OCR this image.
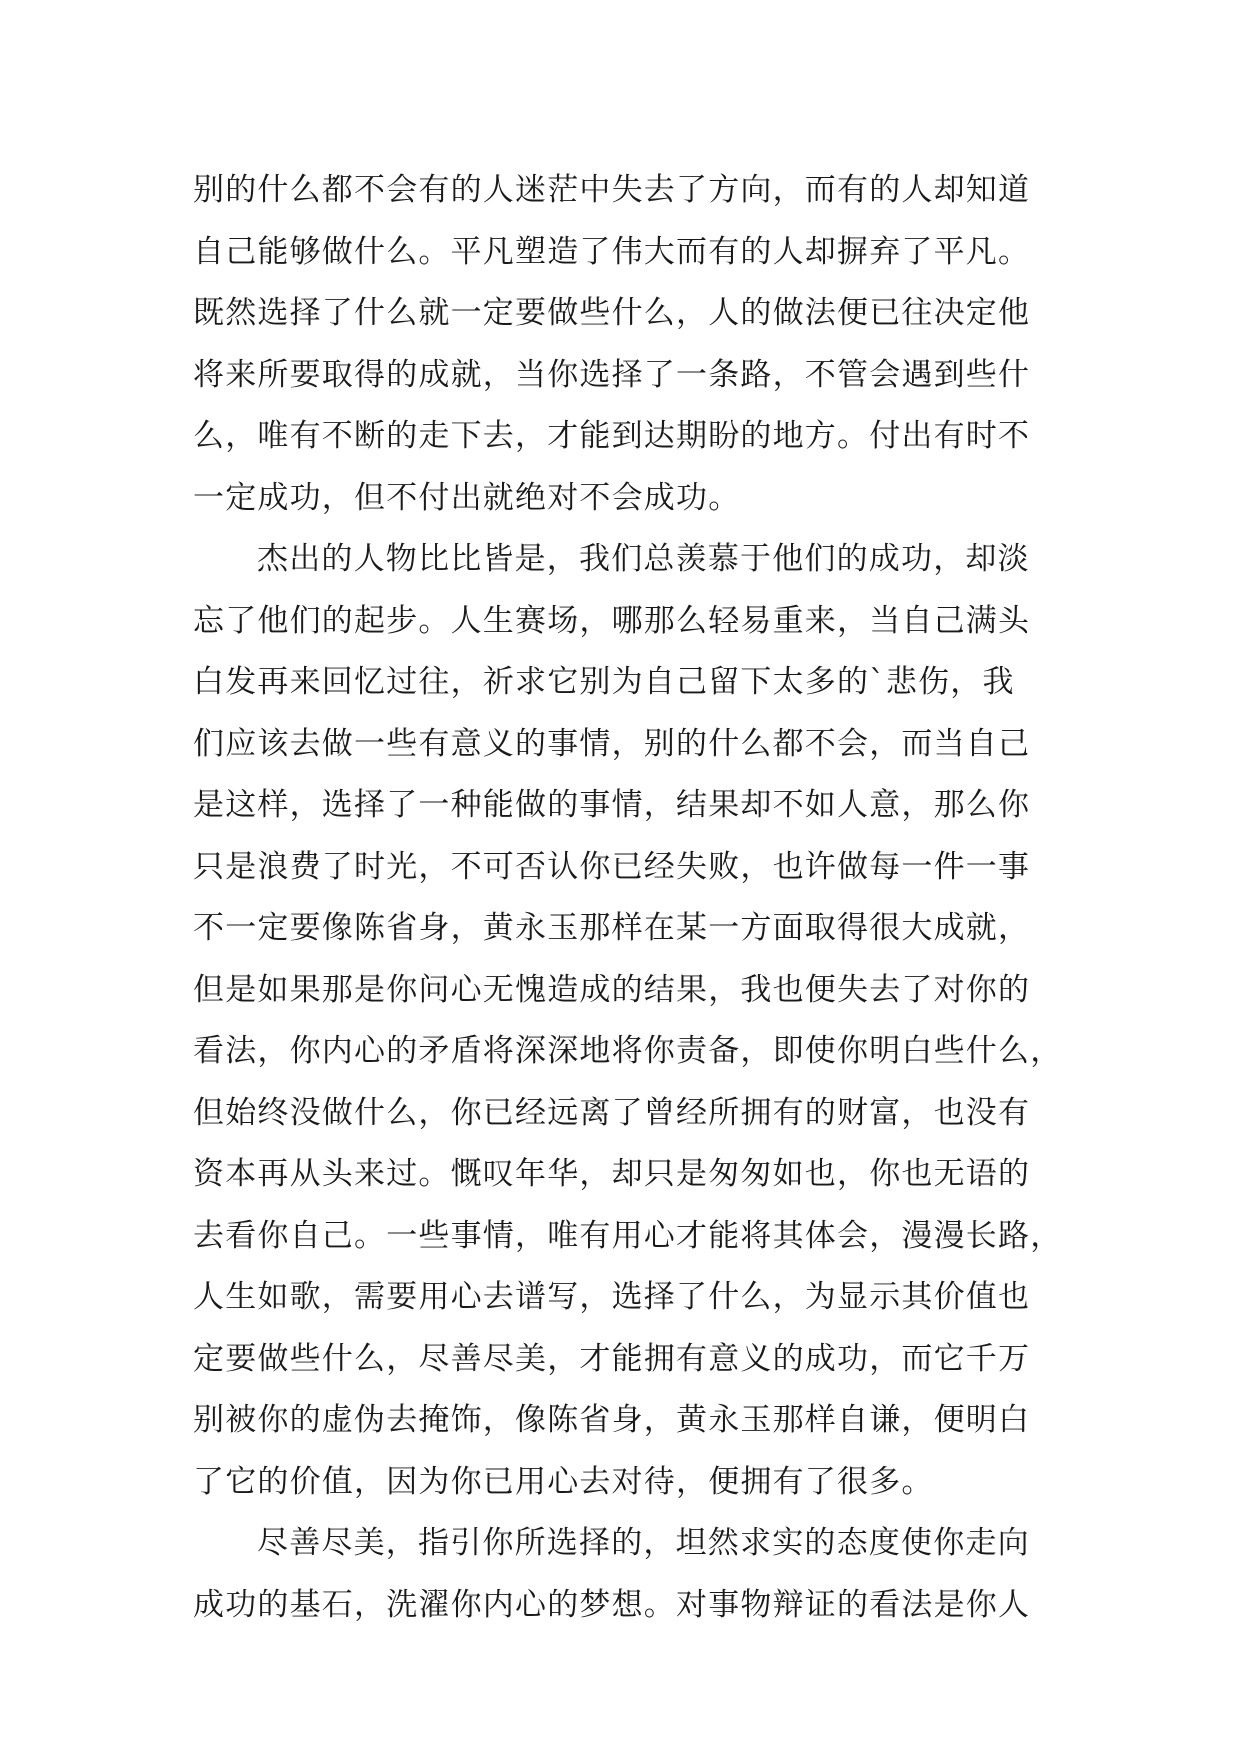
别的什么都不会有的人迷茫中失去了方向，而有的人却知道
自己能够做什么。平凡塑造了伟大而有的人却摒弃了平凡。
既然选择了什么就一定要做些什么，人的做法便已往决定他
将来所要取得的成就，当你选择了一条路，不管会遇到些什
么，唯有不断的走下去，才能到达期盼的地方。付出有时不
一定成功，但不付出就绝对不会成功。
杰出的人物比比皆是，我们总羡慕于他们的成功，却淡
忘了他们的起步。人生赛场，哪那么轻易重来，当自己满头
白发再来回忆过往，祈求它别为自己留下太多的`悲伤，我
们应该去做一些有意义的事情，别的什么都不会，而当自己
是这样，选择了一种能做的事情，结果却不如人意，那么你
只是浪费了时光，不可否认你已经失败，也许做每一件一事
不一定要像陈省身，黄永玉那样在某一方面取得很大成就，
但是如果那是你问心无愧造成的结果，我也便失去了对你的
看法，你内心的矛盾将深深地将你责备，即使你明白些什么，
但始终没做什么，你已经远离了曾经所拥有的财富，也没有
资本再从头来过。慨叹年华，却只是匆匆如也，你也无语的
去看你自己。一些事情，唯有用心才能将其体会，漫漫长路，
人生如歌，需要用心去谱写，选择了什么，为显示其价值也
定要做些什么，尽善尽美，才能拥有意义的成功，而它千万
别被你的虚伪去掩饰，像陈省身，黄永玉那样自谦，便明白
了它的价值，因为你已用心去对待，便拥有了很多。
尽善尽美，指引你所选择的，坦然求实的态度使你走向
成功的基石，洗濯你内心的梦想。对事物辩证的看法是你人
